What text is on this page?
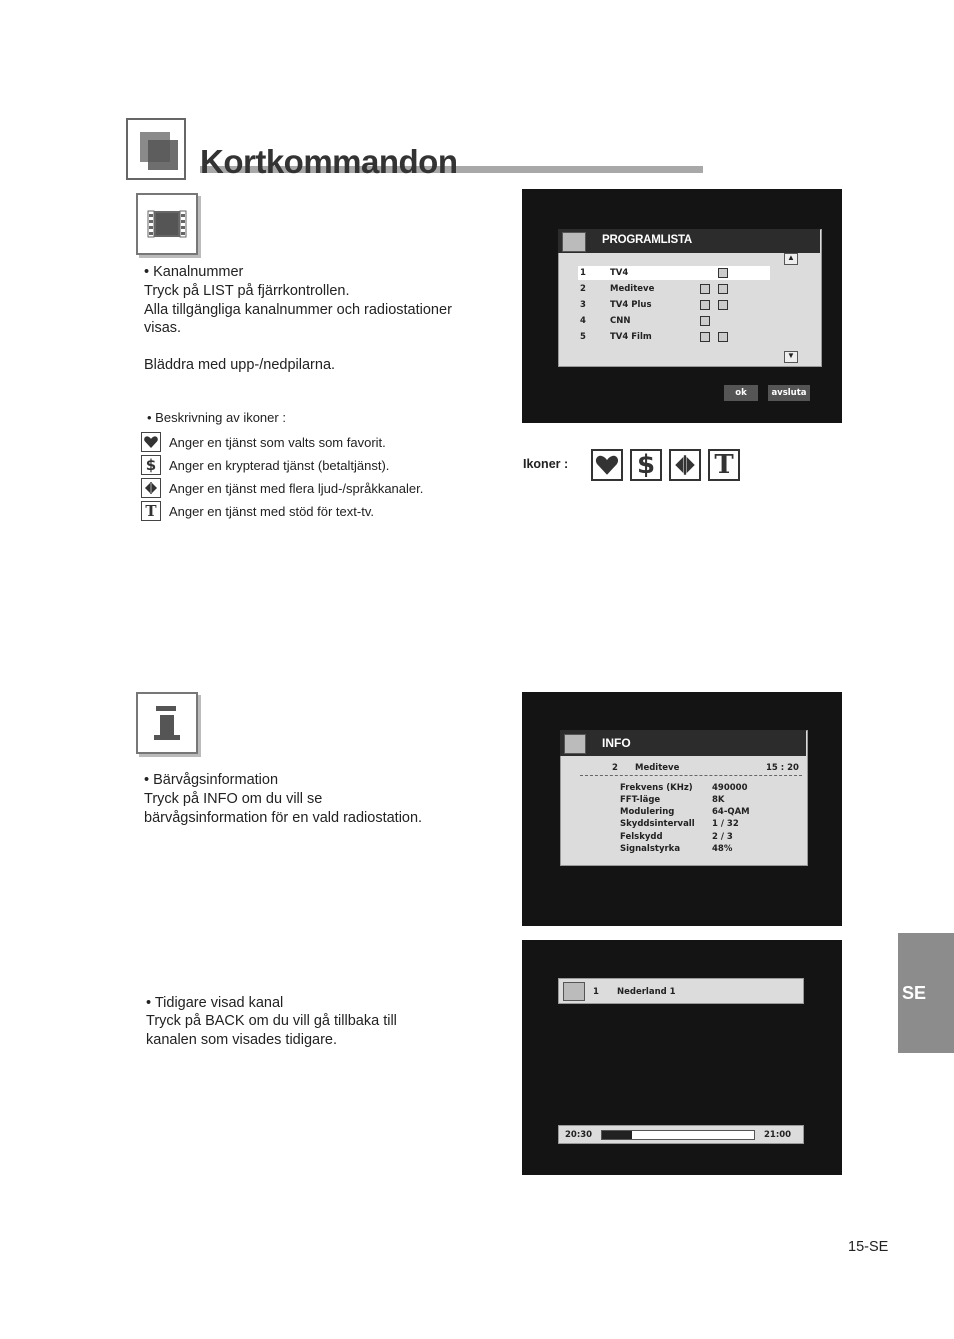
Kortkommandon
• Kanalnummer
Tryck på LIST på fjärrkontrollen.
Alla tillgängliga kanalnummer och radiostationer
visas.
Bläddra med upp-/nedpilarna.
• Beskrivning av ikoner :
Anger en tjänst som valts som favorit.
$ Anger en krypterad tjänst (betaltjänst).
Anger en tjänst med flera ljud-/språkkanaler.
T Anger en tjänst med stöd för text-tv.
Ikoner :	$ T
PROGRAMLISTA
▲
1	TV4
2	Mediteve
3	TV4 Plus
4	CNN
5	TV4 Film
▼
ok	avsluta
• Bärvågsinformation
Tryck på INFO om du vill se
bärvågsinformation för en vald radiostation.
INFO
2 Mediteve	15 : 20
Frekvens (KHz) 490000
FFT-läge	8K
Modulering	64-QAM
Skyddsintervall 1 / 32
Felskydd	2 / 3
Signalstyrka	48%
• Tidigare visad kanal
Tryck på BACK om du vill gå tillbaka till
kanalen som visades tidigare.
1 Nederland 1
20:30	21:00
SE
15-SE
